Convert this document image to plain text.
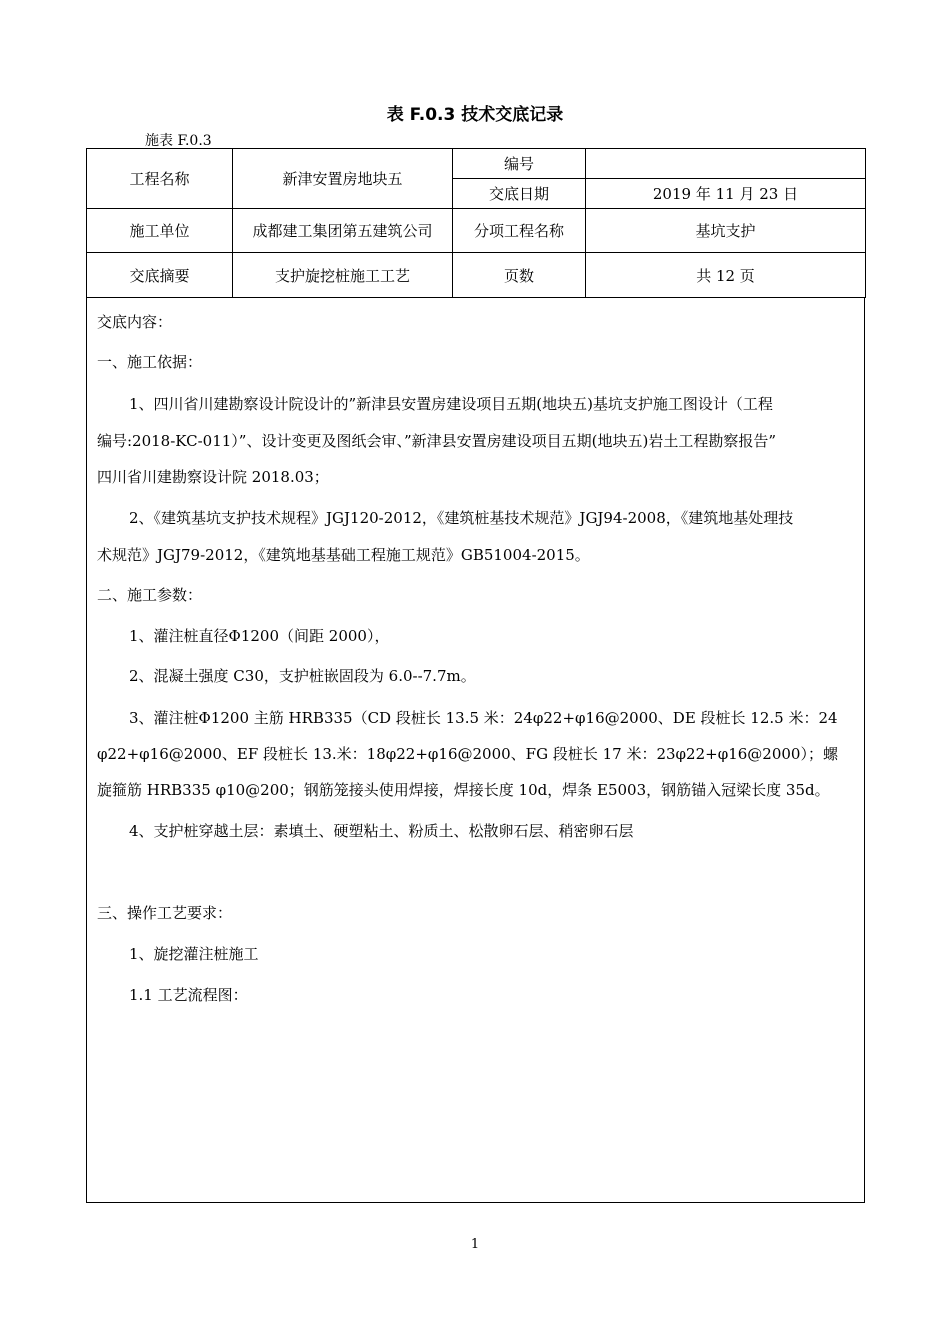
表 F.0.3 技术交底记录
施表 F.0.3
工程名称	新津安置房地块五	编号	
		交底日期	2019 年 11 月 23 日
施工单位	成都建工集团第五建筑公司	分项工程名称	基坑支护
交底摘要	支护旋挖桩施工工艺	页数	共 12 页
交底内容：
一、施工依据：
1、四川省川建勘察设计院设计的”新津县安置房建设项目五期(地块五)基坑支护施工图设计（工程
编号:2018-KC-011）”、设计变更及图纸会审、”新津县安置房建设项目五期(地块五)岩土工程勘察报告”
四川省川建勘察设计院 2018.03；
2、《建筑基坑支护技术规程》JGJ120-2012，《建筑桩基技术规范》JGJ94-2008，《建筑地基处理技
术规范》JGJ79-2012，《建筑地基基础工程施工规范》GB51004-2015。
二、施工参数：
1、灌注桩直径Φ1200（间距 2000），
2、混凝土强度 C30，支护桩嵌固段为 6.0--7.7m。
3、灌注桩Φ1200 主筋 HRB335（CD 段桩长 13.5 米：24φ22+φ16@2000、DE 段桩长 12.5 米：24
φ22+φ16@2000、EF 段桩长 13.米：18φ22+φ16@2000、FG 段桩长 17 米：23φ22+φ16@2000）；螺
旋箍筋 HRB335 φ10@200；钢筋笼接头使用焊接，焊接长度 10d，焊条 E5003，钢筋锚入冠梁长度 35d。
4、支护桩穿越土层：素填土、硬塑粘土、粉质土、松散卵石层、稍密卵石层
三、操作工艺要求：
1、旋挖灌注桩施工
1.1 工艺流程图：
1
